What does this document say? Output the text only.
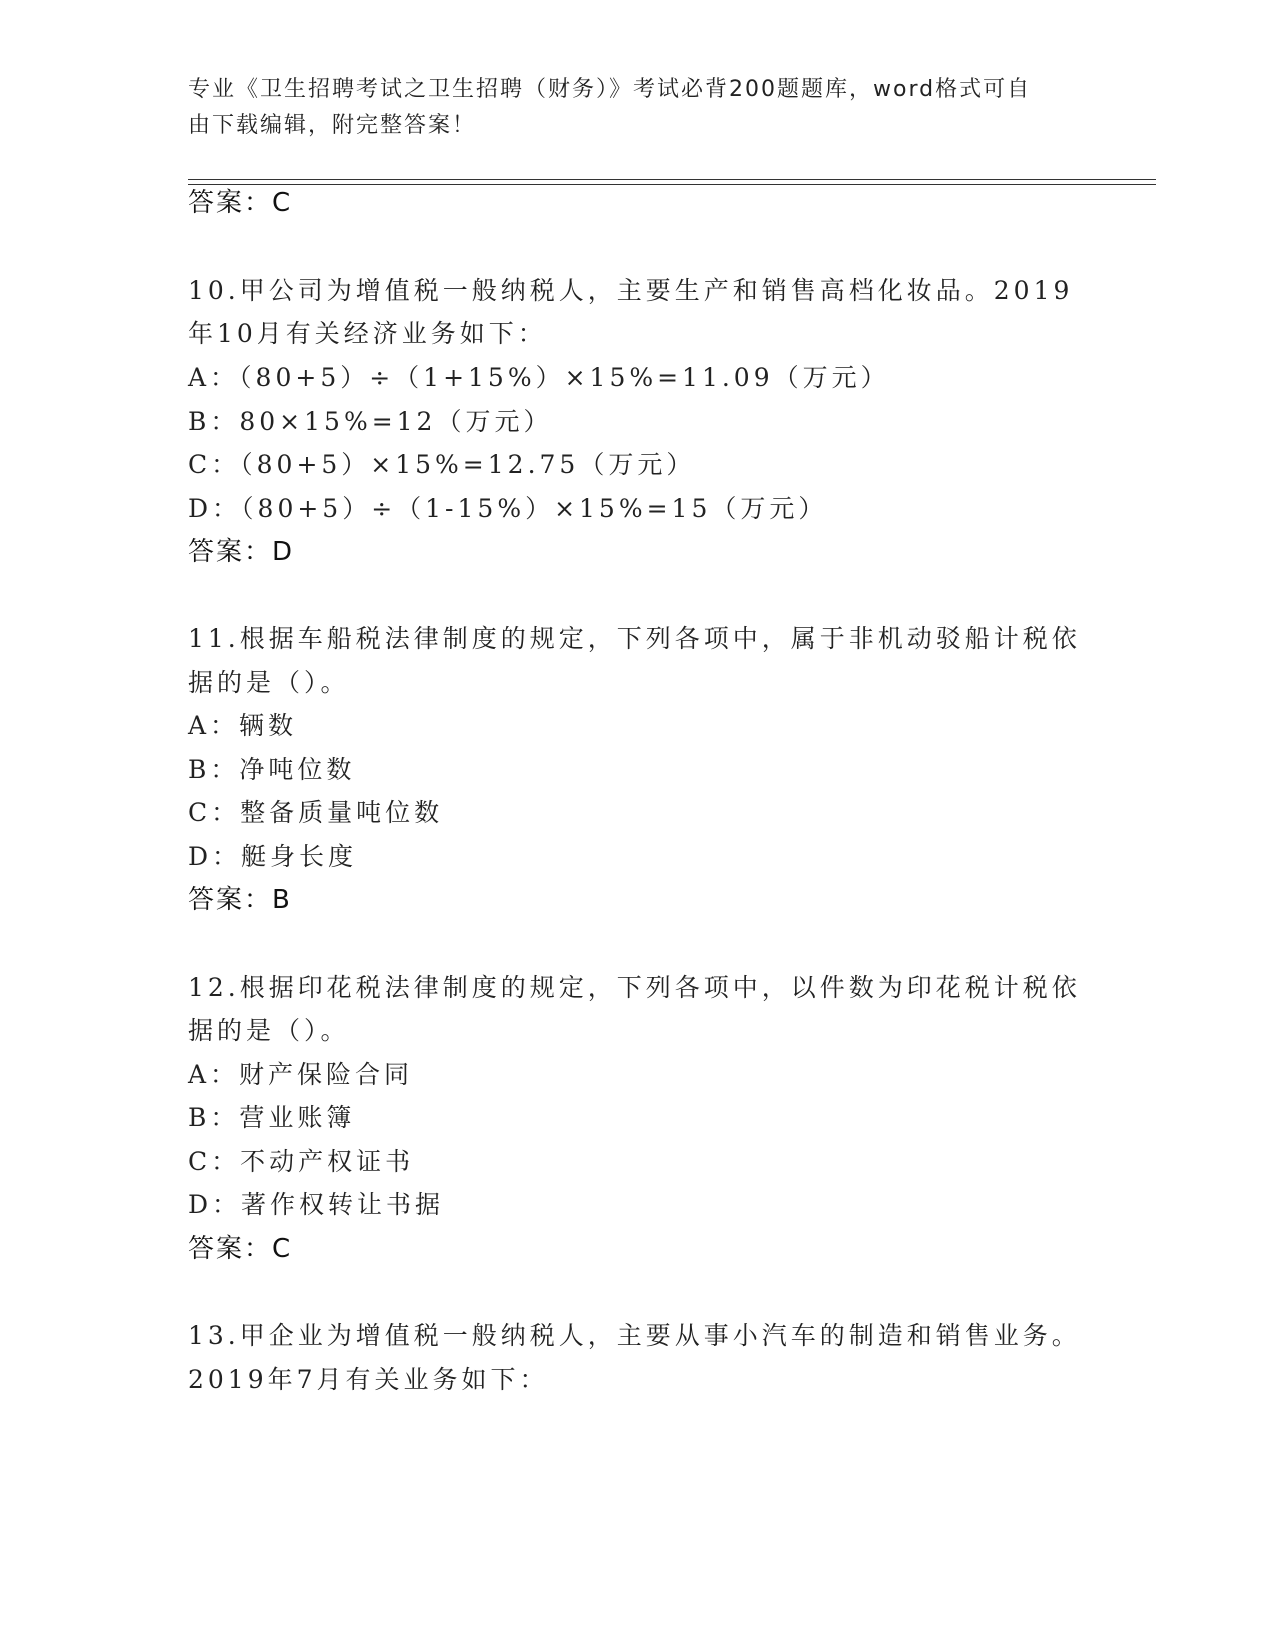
专业《卫生招聘考试之卫生招聘（财务）》考试必背200题题库，word格式可自
由下载编辑，附完整答案！
答案：C
10.甲公司为增值税一般纳税人，主要生产和销售高档化妆品。2019
年10月有关经济业务如下：
A：（80+5）÷（1+15%）×15%=11.09（万元）
B：80×15%=12（万元）
C：（80+5）×15%=12.75（万元）
D：（80+5）÷（1-15%）×15%=15（万元）
答案：D
11.根据车船税法律制度的规定，下列各项中，属于非机动驳船计税依
据的是（）。
A：辆数
B：净吨位数
C：整备质量吨位数
D：艇身长度
答案：B
12.根据印花税法律制度的规定，下列各项中，以件数为印花税计税依
据的是（）。
A：财产保险合同
B：营业账簿
C：不动产权证书
D：著作权转让书据
答案：C
13.甲企业为增值税一般纳税人，主要从事小汽车的制造和销售业务。
2019年7月有关业务如下：
